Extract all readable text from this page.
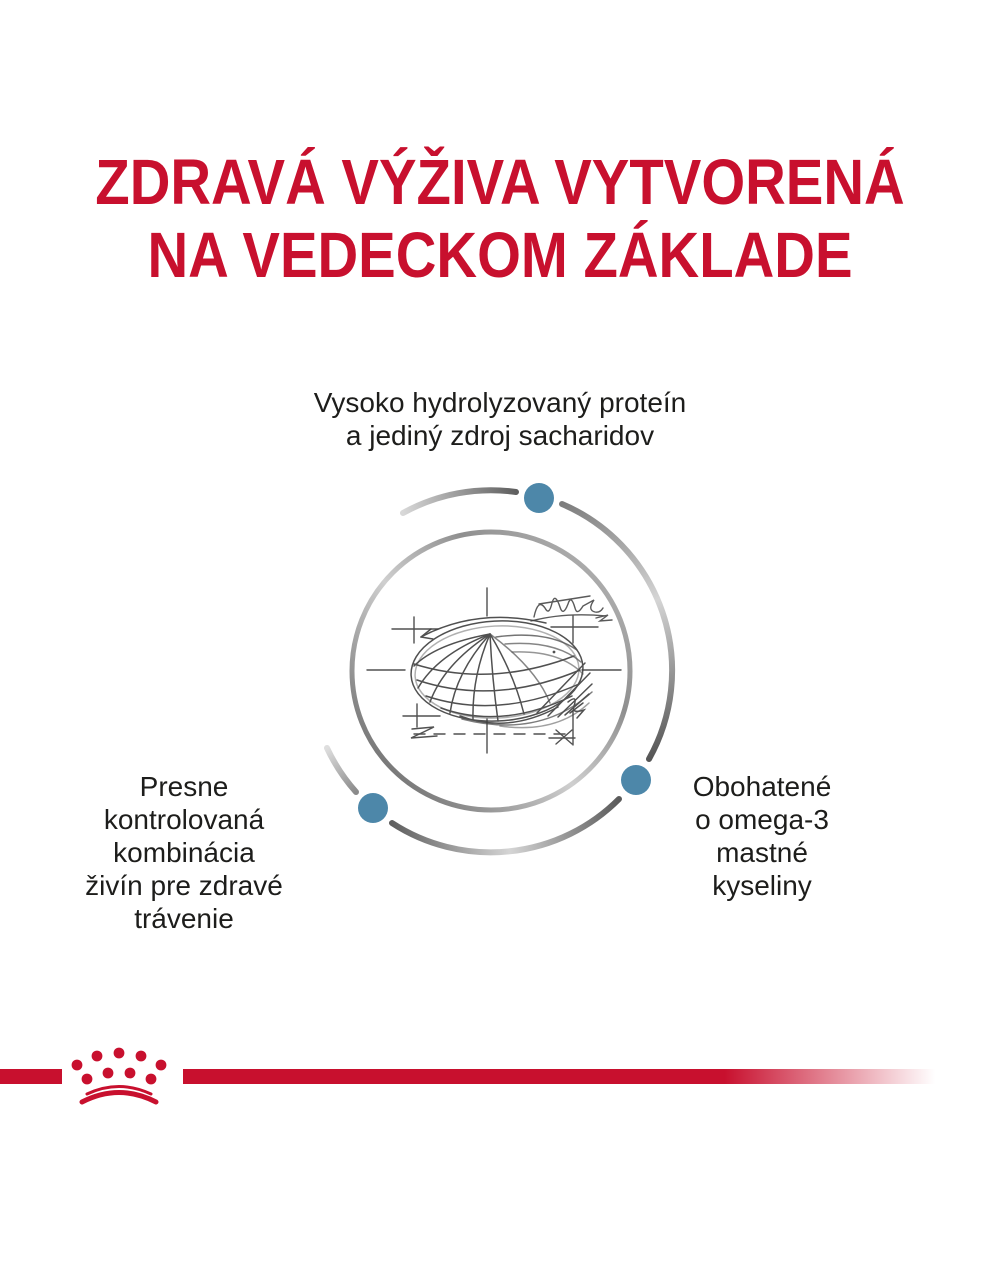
ZDRAVÁ VÝŽIVA VYTVORENÁ
NA VEDECKOM ZÁKLADE
Vysoko hydrolyzovaný proteín
a jediný zdroj sacharidov
Presne
kontrolovaná
kombinácia
živín pre zdravé
trávenie
Obohatené
o omega-3
mastné
kyseliny
